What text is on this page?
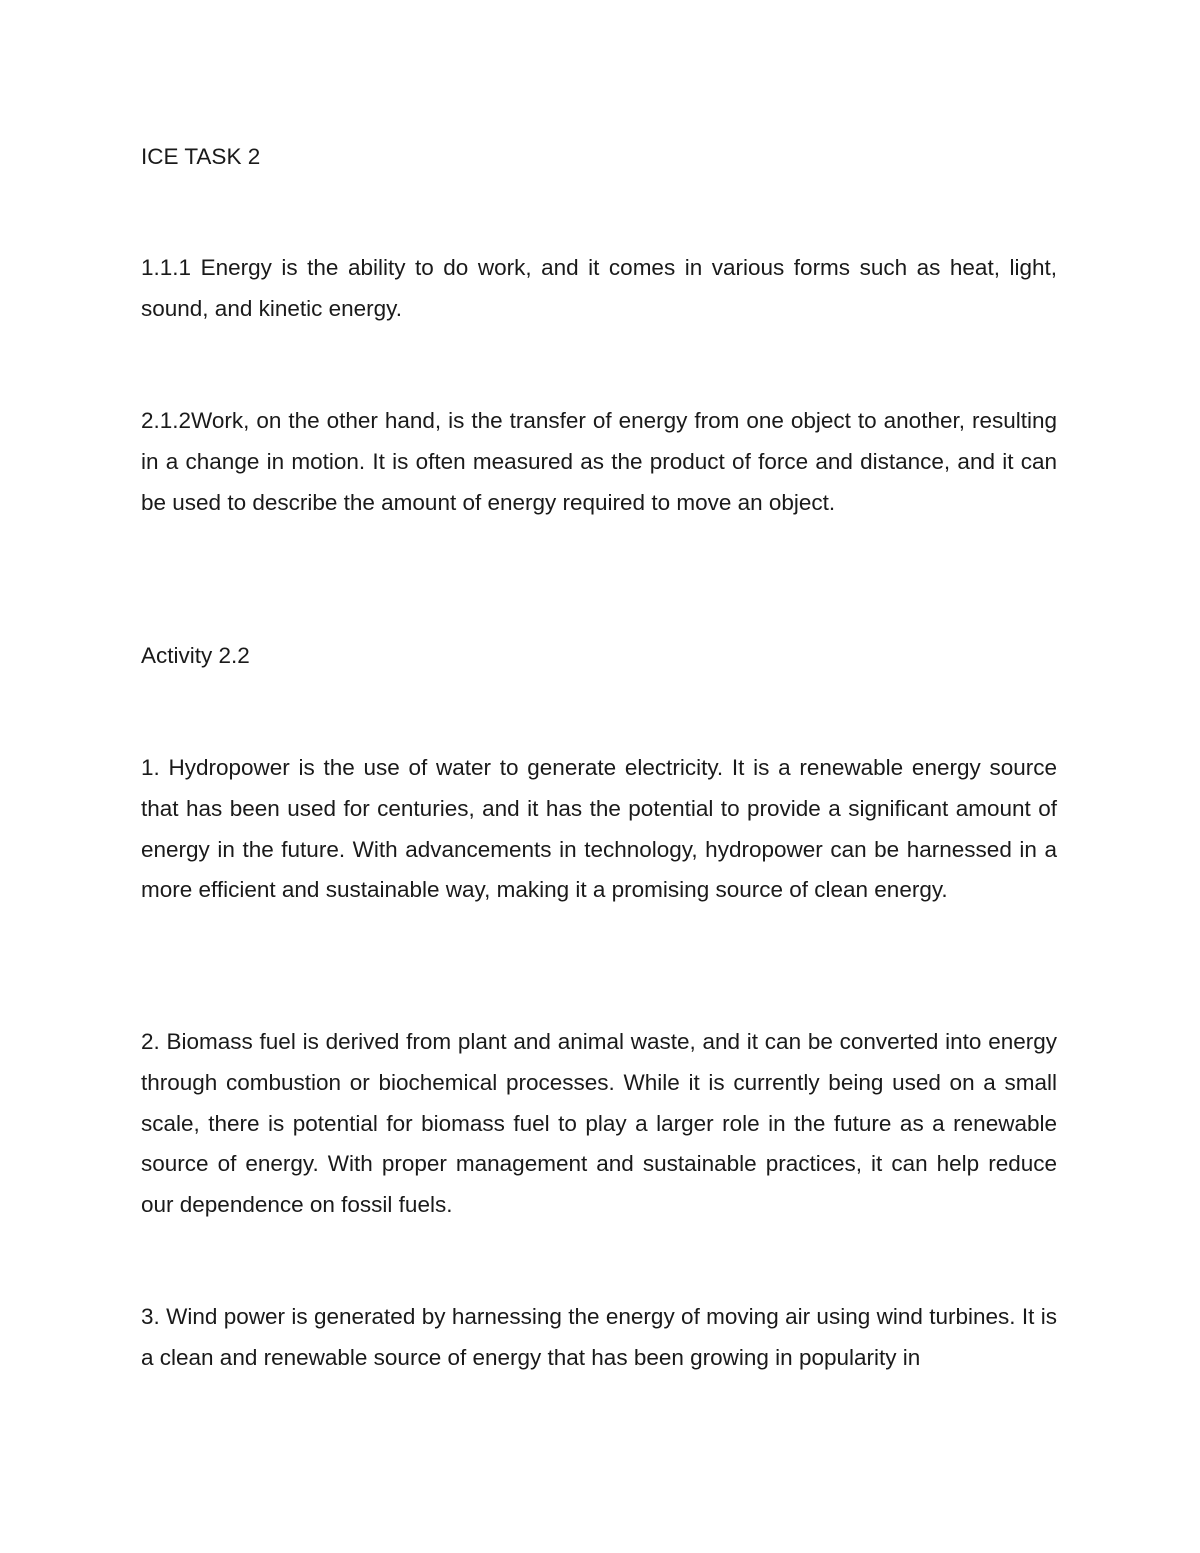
ICE TASK 2

1.1.1 Energy is the ability to do work, and it comes in various forms such as heat, light, sound, and kinetic energy.

2.1.2Work, on the other hand, is the transfer of energy from one object to another, resulting in a change in motion. It is often measured as the product of force and distance, and it can be used to describe the amount of energy required to move an object.

Activity 2.2

1. Hydropower is the use of water to generate electricity. It is a renewable energy source that has been used for centuries, and it has the potential to provide a significant amount of energy in the future. With advancements in technology, hydropower can be harnessed in a more efficient and sustainable way, making it a promising source of clean energy.

2. Biomass fuel is derived from plant and animal waste, and it can be converted into energy through combustion or biochemical processes. While it is currently being used on a small scale, there is potential for biomass fuel to play a larger role in the future as a renewable source of energy. With proper management and sustainable practices, it can help reduce our dependence on fossil fuels.

3. Wind power is generated by harnessing the energy of moving air using wind turbines. It is a clean and renewable source of energy that has been growing in popularity in
